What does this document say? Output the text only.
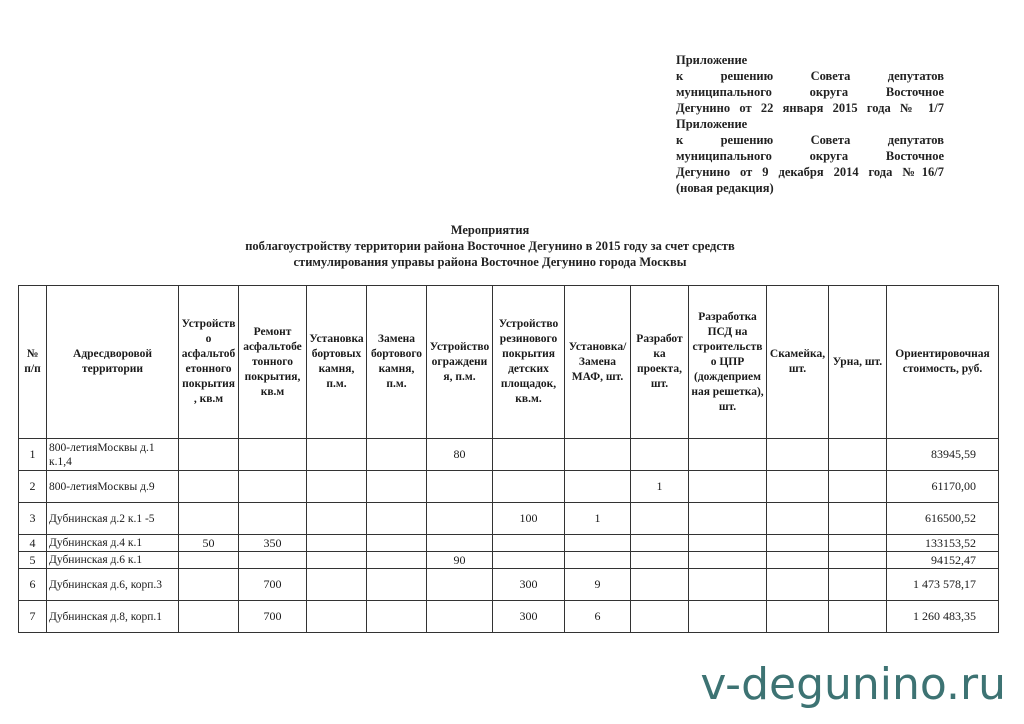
Приложение
к решению Совета депутатов
муниципального округа Восточное
Дегунино от 22 января 2015 года № 1/7
Приложение
к решению Совета депутатов
муниципального округа Восточное
Дегунино от 9 декабря 2014 года №16/7
(новая редакция)
Мероприятия
поблагоустройству территории района Восточное Дегунино в 2015 году за счет средств
стимулирования управы района Восточное Дегунино города Москвы
№ п/п	Адресдворовой территории	Устройство асфальтобетонного покрытия, кв.м	Ремонт асфальтобетонного покрытия, кв.м	Установка бортовых камня, п.м.	Замена бортового камня, п.м.	Устройство ограждения, п.м.	Устройство резинового покрытия детских площадок, кв.м.	Установка/Замена МАФ, шт.	Разработка проекта, шт.	Разработка ПСД на строительство ЦПР (дождеприемная решетка), шт.	Скамейка, шт.	Урна, шт.	Ориентировочная стоимость, руб.
1	800-летияМосквы д.1 к.1,4					80							83945,59
2	800-летияМосквы д.9								1				61170,00
3	Дубнинская д.2 к.1 -5						100	1					616500,52
4	Дубнинская д.4 к.1	50	350										133153,52
5	Дубнинская д.6 к.1					90							94152,47
6	Дубнинская д.6, корп.3		700				300	9					1 473 578,17
7	Дубнинская д.8, корп.1		700				300	6					1 260 483,35
v-degunino.ru
